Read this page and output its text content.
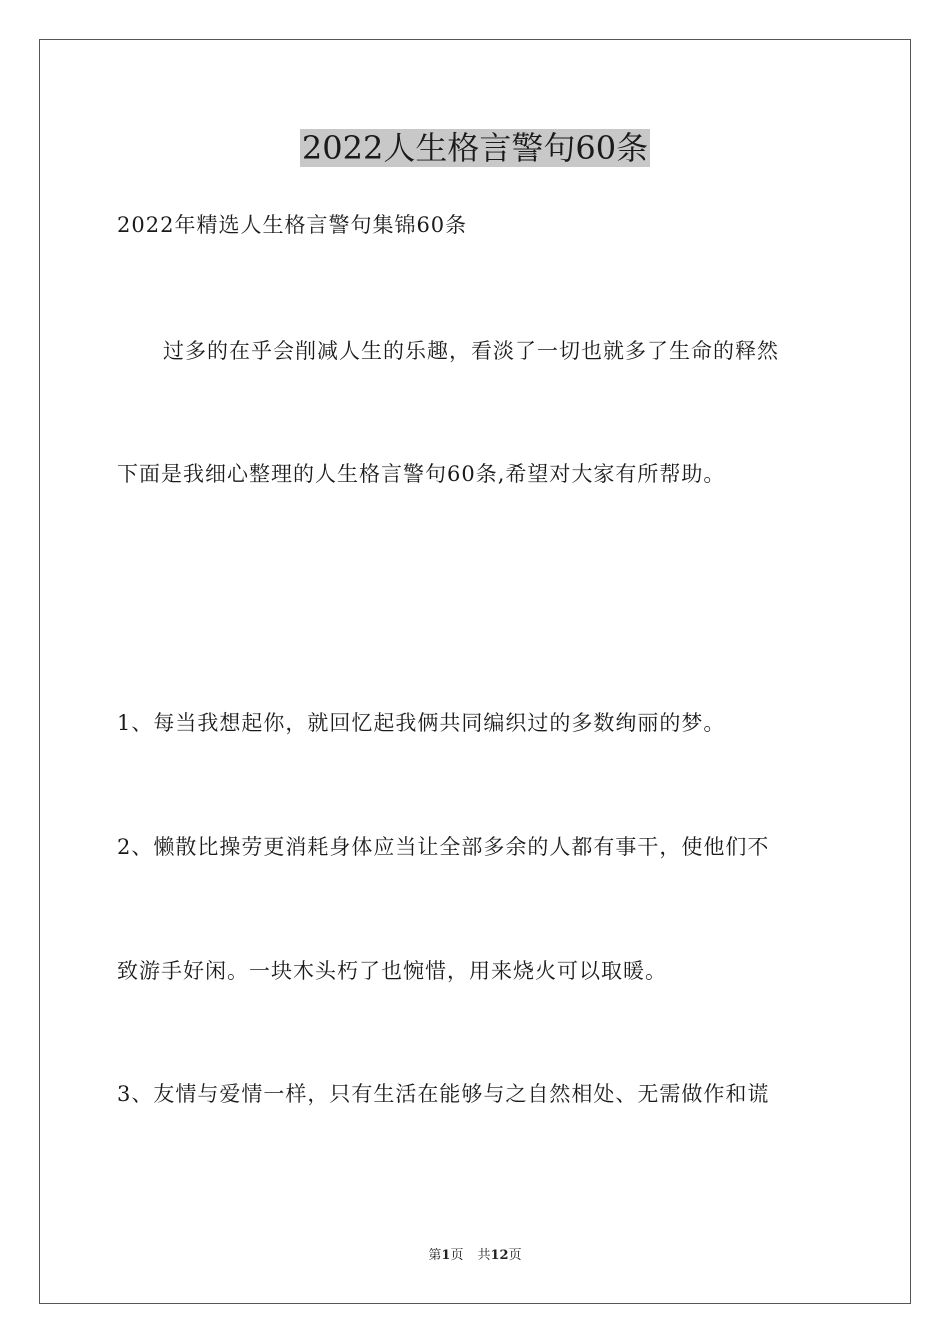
2022人生格言警句60条
2022年精选人生格言警句集锦60条
过多的在乎会削减人生的乐趣，看淡了一切也就多了生命的释然
下面是我细心整理的人生格言警句60条,希望对大家有所帮助。
1、每当我想起你，就回忆起我俩共同编织过的多数绚丽的梦。
2、懒散比操劳更消耗身体应当让全部多余的人都有事干，使他们不
致游手好闲。一块木头朽了也惋惜，用来烧火可以取暖。
3、友情与爱情一样，只有生活在能够与之自然相处、无需做作和谎
第1页 共12页
